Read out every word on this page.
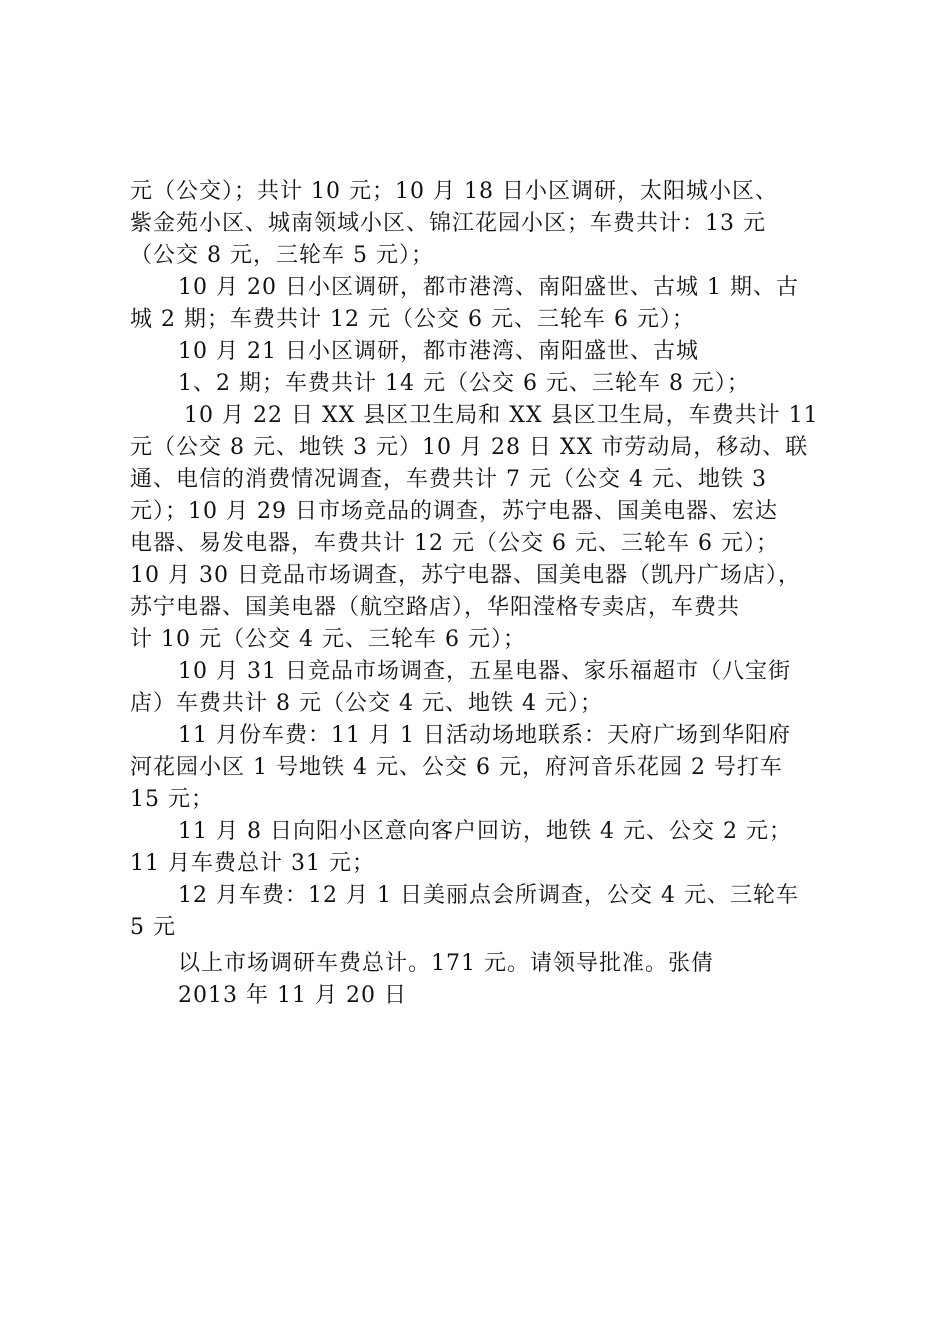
元（公交）；共计 10 元；10 月 18 日小区调研，太阳城小区、
紫金苑小区、城南领域小区、锦江花园小区；车费共计：13 元
（公交 8 元，三轮车 5 元）；
10 月 20 日小区调研，都市港湾、南阳盛世、古城 1 期、古
城 2 期；车费共计 12 元（公交 6 元、三轮车 6 元）；
10 月 21 日小区调研，都市港湾、南阳盛世、古城
1、2 期；车费共计 14 元（公交 6 元、三轮车 8 元）；
10 月 22 日 XX 县区卫生局和 XX 县区卫生局，车费共计 11
元（公交 8 元、地铁 3 元）10 月 28 日 XX 市劳动局，移动、联
通、电信的消费情况调查，车费共计 7 元（公交 4 元、地铁 3
元）；10 月 29 日市场竞品的调查，苏宁电器、国美电器、宏达
电器、易发电器，车费共计 12 元（公交 6 元、三轮车 6 元）；
10 月 30 日竞品市场调查，苏宁电器、国美电器（凯丹广场店），
苏宁电器、国美电器（航空路店），华阳滢格专卖店，车费共
计 10 元（公交 4 元、三轮车 6 元）；
10 月 31 日竞品市场调查，五星电器、家乐福超市（八宝街
店）车费共计 8 元（公交 4 元、地铁 4 元）；
11 月份车费：11 月 1 日活动场地联系：天府广场到华阳府
河花园小区 1 号地铁 4 元、公交 6 元，府河音乐花园 2 号打车
15 元；
11 月 8 日向阳小区意向客户回访，地铁 4 元、公交 2 元；
11 月车费总计 31 元；
12 月车费：12 月 1 日美丽点会所调查，公交 4 元、三轮车
5 元
以上市场调研车费总计。171 元。请领导批准。张倩
2013 年 11 月 20 日
